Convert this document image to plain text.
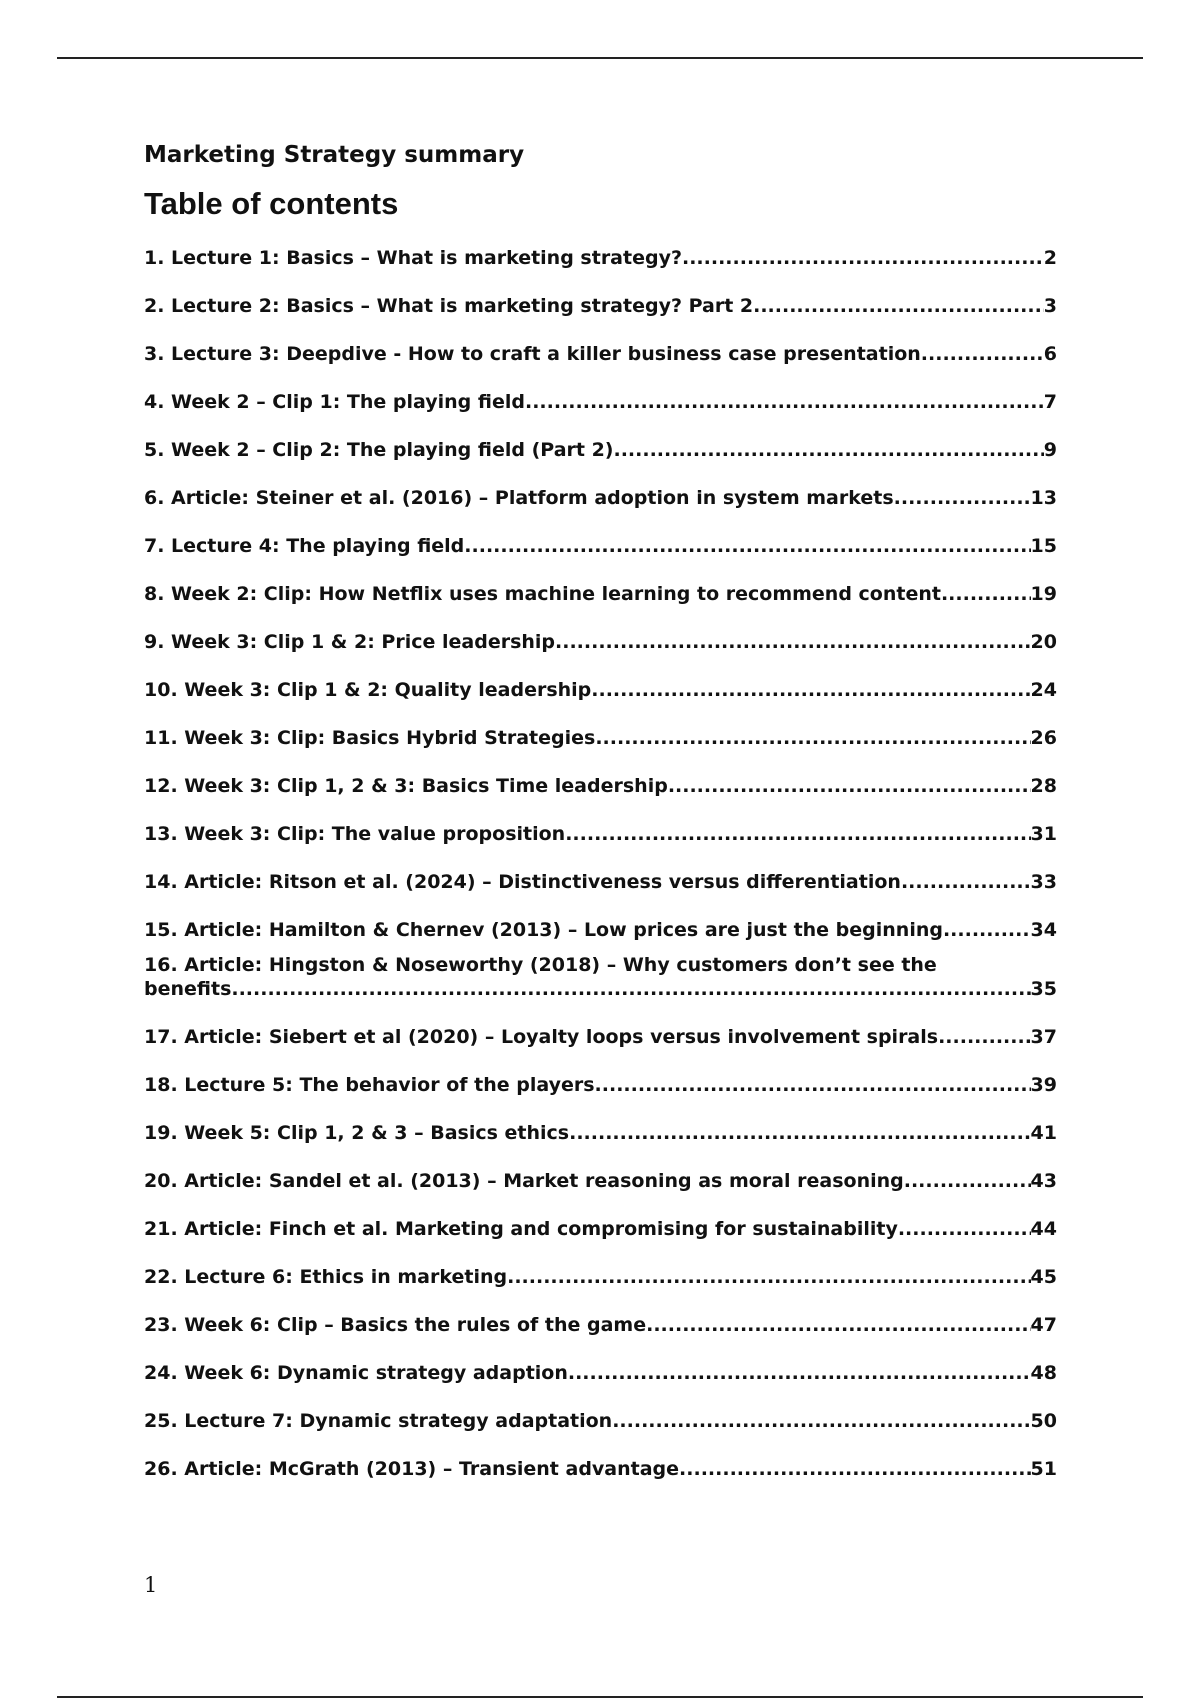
Marketing Strategy summary
Table of contents
1. Lecture 1: Basics – What is marketing strategy? .....	2
2. Lecture 2: Basics – What is marketing strategy? Part 2 .....	3
3. Lecture 3: Deepdive - How to craft a killer business case presentation .....	6
4. Week 2 – Clip 1: The playing field .....	7
5. Week 2 – Clip 2: The playing field (Part 2) .....	9
6. Article: Steiner et al. (2016) – Platform adoption in system markets .....	13
7. Lecture 4: The playing field .....	15
8. Week 2: Clip: How Netflix uses machine learning to recommend content .....	19
9. Week 3: Clip 1 & 2: Price leadership .....	20
10. Week 3: Clip 1 & 2: Quality leadership .....	24
11. Week 3: Clip: Basics Hybrid Strategies .....	26
12. Week 3: Clip 1, 2 & 3: Basics Time leadership .....	28
13. Week 3: Clip: The value proposition .....	31
14. Article: Ritson et al. (2024) – Distinctiveness versus differentiation .....	33
15. Article: Hamilton & Chernev (2013) – Low prices are just the beginning .....	34
16. Article: Hingston & Noseworthy (2018) – Why customers don’t see the
benefits .....	35
17. Article: Siebert et al (2020) – Loyalty loops versus involvement spirals .....	37
18. Lecture 5: The behavior of the players .....	39
19. Week 5: Clip 1, 2 & 3 – Basics ethics .....	41
20. Article: Sandel et al. (2013) – Market reasoning as moral reasoning .....	43
21. Article: Finch et al. Marketing and compromising for sustainability .....	44
22. Lecture 6: Ethics in marketing .....	45
23. Week 6: Clip – Basics the rules of the game .....	47
24. Week 6: Dynamic strategy adaption .....	48
25. Lecture 7: Dynamic strategy adaptation .....	50
26. Article: McGrath (2013) – Transient advantage .....	51
1
